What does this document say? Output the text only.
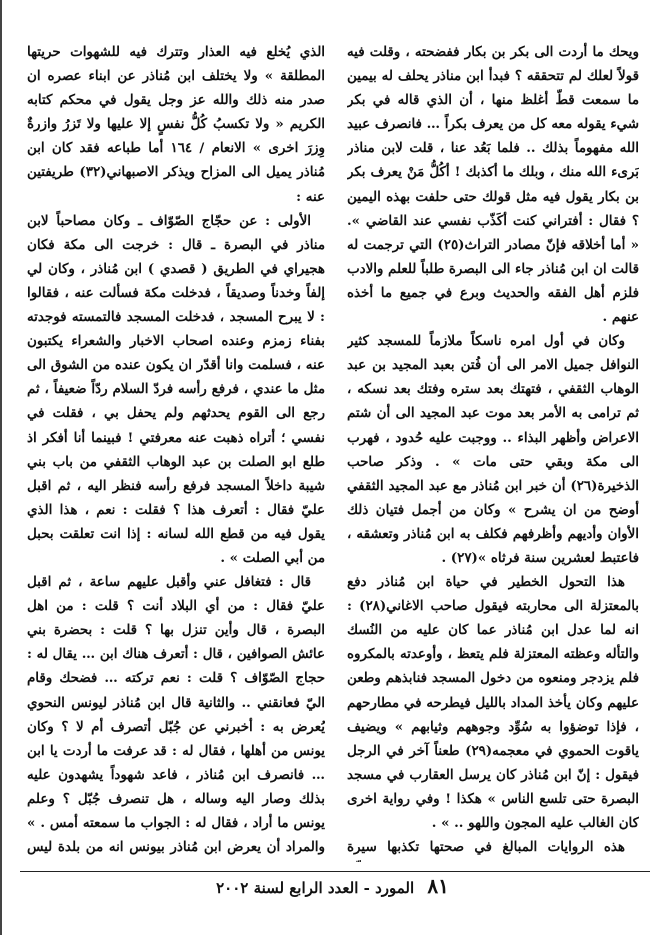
ويحك ما أردت الى بكر بن بكار ففضحته ، وقلت فيه قولاً لعلك لم تتحققه ؟ فبدأ ابن مناذر يحلف له بيمين ما سمعت قطّ أغلظ منها ، أن الذي قاله في بكر شيء يقوله معه كل من يعرف بكراً … فانصرف عبيد الله مفهوماً بذلك .. فلما بَعُد عنا ، قلت لابن مناذر بَرىء الله منك ، وبلك ما أكذبك ! أكُلُّ مَنْ يعرف بكر بن بكار يقول فيه مثل قولك حتى حلفت بهذه اليمين ؟ فقال : أفتراني كنت أكَذّب نفسي عند القاضي ». « أما أخلاقه فإنّ مصادر التراث(٢٥) التي ترجمت له قالت ان ابن مُناذر جاء الى البصرة طلباً للعلم والادب فلزم أهل الفقه والحديث وبرع في جميع ما أخذه عنهم .

وكان في أول امره ناسكاً ملازماً للمسجد كثير النوافل جميل الامر الى أن فُتن بعبد المجيد بن عبد الوهاب الثقفي ، فتهتك بعد ستره وفتك بعد نسكه ، ثم ترامى به الأمر بعد موت عبد المجيد الى أن شتم الاعراض وأظهر البذاء .. ووجبت عليه حُدود ، فهرب الى مكة وبقي حتى مات » . وذكر صاحب الذخيرة(٢٦) أن خبر ابن مُناذر مع عبد المجيد الثقفي أوضح من ان يشرح » وكان من أجمل فتيان ذلك الأوان وأديهم وأظرفهم فكلف به ابن مُناذر وتعشقه ، فاعتبط لعشرين سنة فرثاه »(٢٧) .

هذا التحول الخطير في حياة ابن مُناذر دفع بالمعتزلة الى محاربته فيقول صاحب الاغاني(٢٨) : انه لما عدل ابن مُناذر عما كان عليه من النُسك والتأله وعظته المعتزلة فلم يتعظ ، وأوعدته بالمكروه فلم يزدجر ومنعوه من دخول المسجد فنابذهم وطعن عليهم وكان يأخذ المداد بالليل فيطرحه في مطارحهم ، فإذا توضؤوا به سُوِّد وجوههم وثيابهم » ويضيف ياقوت الحموي في معجمه(٢٩) طعناً آخر في الرجل فيقول : إنّ ابن مُناذر كان يرسل العقارب في مسجد البصرة حتى تلسع الناس » هكذا ! وفي رواية اخرى كان الغالب عليه المجون واللهو .. » .

هذه الروايات المبالغ في صحتها تكذبها سيرة

الذي يُخلع فيه العذار وتترك فيه للشهوات حريتها المطلقة » ولا يختلف ابن مُناذر عن ابناء عصره ان صدر منه ذلك والله عز وجل يقول في محكم كتابه الكريم « ولا تكسبُ كُلُّ نفسٍ إلا عليها ولا تَزرُ وازرةٌ وِزرَ اخرى » الانعام / ١٦٤ أما طباعه فقد كان ابن مُناذر يميل الى المزاح ويذكر الاصبهاني(٣٢) طريفتين عنه :

الأولى : عن حجّاج الصّوّاف ـ وكان مصاحباً لابن مناذر في البصرة ـ قال : خرجت الى مكة فكان هجيراي في الطريق ( قصدي ) ابن مُناذر ، وكان لي إلفاً وخدناً وصديقاً ، فدخلت مكة فسألت عنه ، فقالوا : لا يبرح المسجد ، فدخلت المسجد فالتمسته فوجدته بفناء زمزم وعنده اصحاب الاخبار والشعراء يكتبون عنه ، فسلمت وانا أقدّر ان يكون عنده من الشوق الى مثل ما عندي ، فرفع رأسه فردّ السلام ردّاً ضعيفاً ، ثم رجع الى القوم يحدثهم ولم يحفل بي ، فقلت في نفسي ؛ أتراه ذهبت عنه معرفتي ! فبينما أنا أفكر اذ طلع ابو الصلت بن عبد الوهاب الثقفي من باب بني شيبة داخلاً المسجد فرفع رأسه فنظر اليه ، ثم اقبل عليّ فقال : أتعرف هذا ؟ فقلت : نعم ، هذا الذي يقول فيه من قطع الله لسانه : إذا انت تعلقت بحبل من أبي الصلت » .

قال : فتغافل عني وأقبل عليهم ساعة ، ثم اقبل عليّ فقال : من أي البلاد أنت ؟ قلت : من اهل البصرة ، قال وأين تنزل بها ؟ قلت : بحضرة بني عائش الصوافين ، قال : أتعرف هناك ابن … يقال له : حجاج الصّوّاف ؟ قلت : نعم تركته … فضحك وقام اليّ فعانقني .. والثانية قال ابن مُناذر ليونس النحوي يُعرض به : أخبرني عن جُبّل أتصرف أم لا ؟ وكان يونس من أهلها ، فقال له : قد عرفت ما أردت يا ابن … فانصرف ابن مُناذر ، فاعد شهوداً يشهدون عليه بذلك وصار اليه وساله ، هل تنصرف جُبّل ؟ وعلم يونس ما أراد ، فقال له : الجواب ما سمعته أمس . » والمراد أن يعرض ابن مُناذر بيونس انه من بلدة ليس

٨١ المورد - العدد الرابع لسنة ٢٠٠٢
